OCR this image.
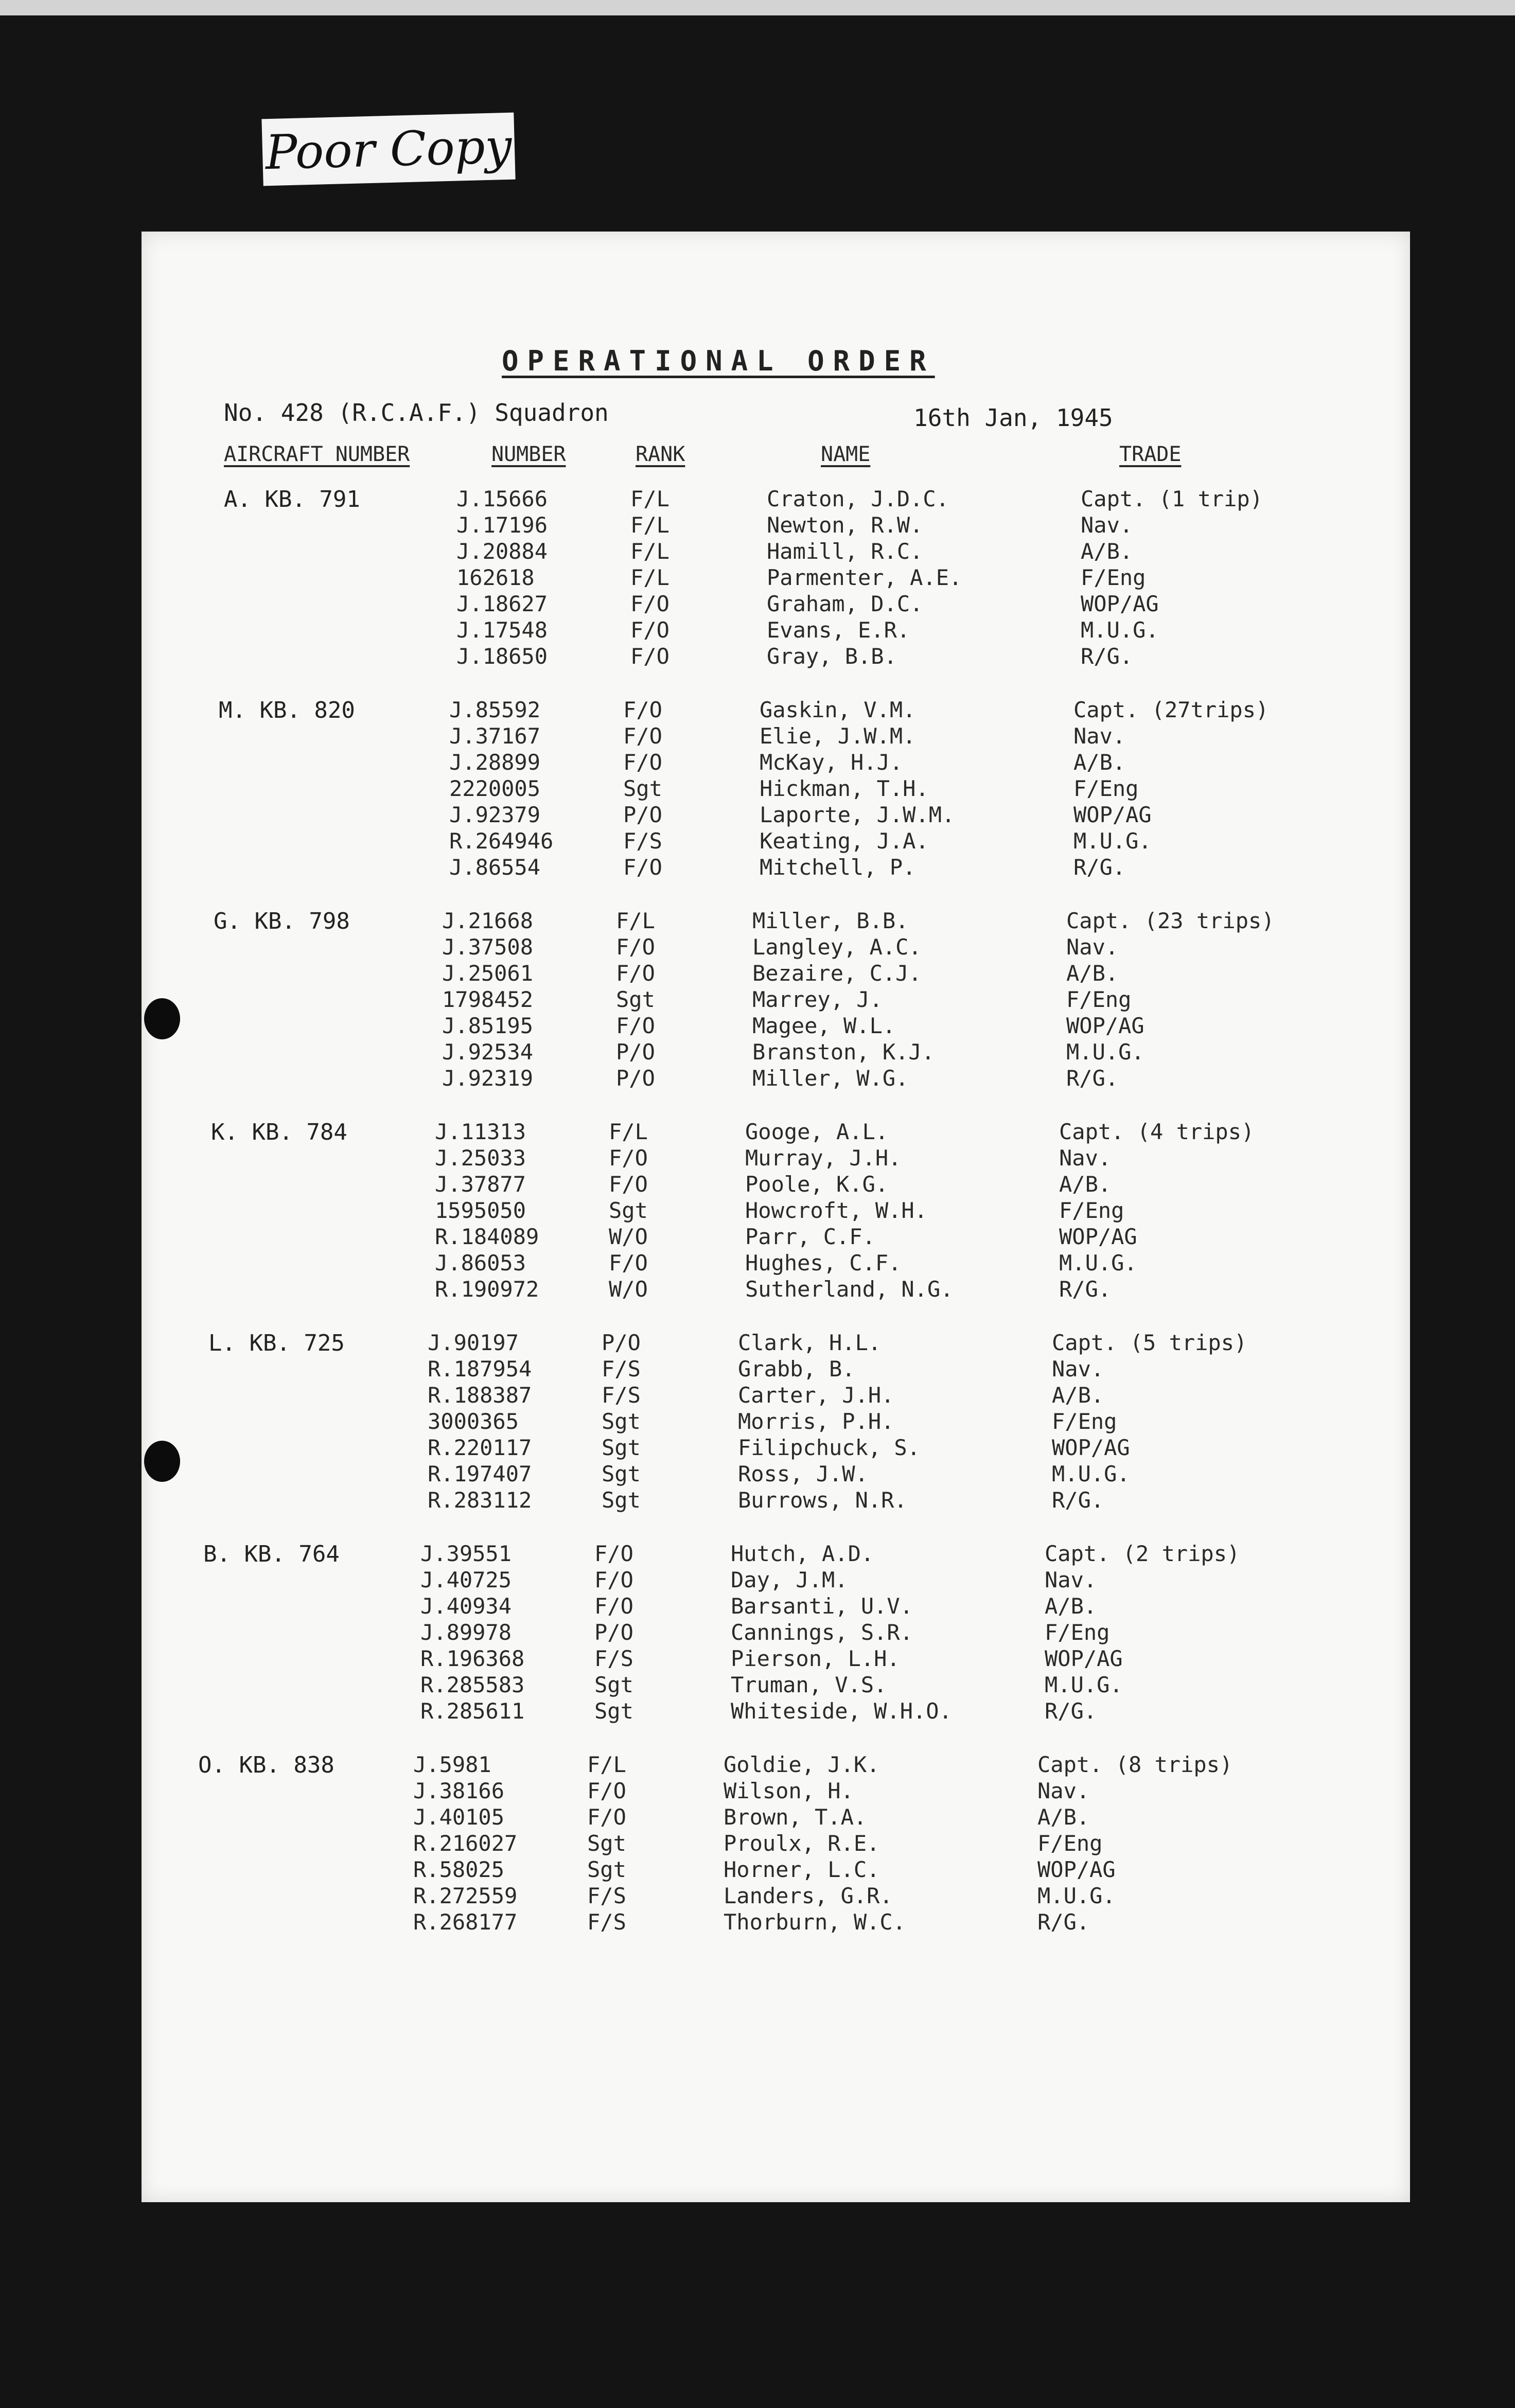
Poor Copy
OPERATIONAL ORDER
No. 428 (R.C.A.F.) Squadron	16th Jan, 1945
AIRCRAFT NUMBER	NUMBER	RANK	NAME	TRADE
A. KB. 791	J.15666	F/L	Craton, J.D.C.	Capt. (1 trip)
J.17196	F/L	Newton, R.W.	Nav.
J.20884	F/L	Hamill, R.C.	A/B.
162618	F/L	Parmenter, A.E.	F/Eng
J.18627	F/O	Graham, D.C.	WOP/AG
J.17548	F/O	Evans, E.R.	M.U.G.
J.18650	F/O	Gray, B.B.	R/G.
M. KB. 820	J.85592	F/O	Gaskin, V.M.	Capt. (27trips)
J.37167	F/O	Elie, J.W.M.	Nav.
J.28899	F/O	McKay, H.J.	A/B.
2220005	Sgt	Hickman, T.H.	F/Eng
J.92379	P/O	Laporte, J.W.M.	WOP/AG
R.264946	F/S	Keating, J.A.	M.U.G.
J.86554	F/O	Mitchell, P.	R/G.
G. KB. 798	J.21668	F/L	Miller, B.B.	Capt. (23 trips)
J.37508	F/O	Langley, A.C.	Nav.
J.25061	F/O	Bezaire, C.J.	A/B.
1798452	Sgt	Marrey, J.	F/Eng
J.85195	F/O	Magee, W.L.	WOP/AG
J.92534	P/O	Branston, K.J.	M.U.G.
J.92319	P/O	Miller, W.G.	R/G.
K. KB. 784	J.11313	F/L	Googe, A.L.	Capt. (4 trips)
J.25033	F/O	Murray, J.H.	Nav.
J.37877	F/O	Poole, K.G.	A/B.
1595050	Sgt	Howcroft, W.H.	F/Eng
R.184089	W/O	Parr, C.F.	WOP/AG
J.86053	F/O	Hughes, C.F.	M.U.G.
R.190972	W/O	Sutherland, N.G.	R/G.
L. KB. 725	J.90197	P/O	Clark, H.L.	Capt. (5 trips)
R.187954	F/S	Grabb, B.	Nav.
R.188387	F/S	Carter, J.H.	A/B.
3000365	Sgt	Morris, P.H.	F/Eng
R.220117	Sgt	Filipchuck, S.	WOP/AG
R.197407	Sgt	Ross, J.W.	M.U.G.
R.283112	Sgt	Burrows, N.R.	R/G.
B. KB. 764	J.39551	F/O	Hutch, A.D.	Capt. (2 trips)
J.40725	F/O	Day, J.M.	Nav.
J.40934	F/O	Barsanti, U.V.	A/B.
J.89978	P/O	Cannings, S.R.	F/Eng
R.196368	F/S	Pierson, L.H.	WOP/AG
R.285583	Sgt	Truman, V.S.	M.U.G.
R.285611	Sgt	Whiteside, W.H.O.	R/G.
O. KB. 838	J.5981	F/L	Goldie, J.K.	Capt. (8 trips)
J.38166	F/O	Wilson, H.	Nav.
J.40105	F/O	Brown, T.A.	A/B.
R.216027	Sgt	Proulx, R.E.	F/Eng
R.58025	Sgt	Horner, L.C.	WOP/AG
R.272559	F/S	Landers, G.R.	M.U.G.
R.268177	F/S	Thorburn, W.C.	R/G.
